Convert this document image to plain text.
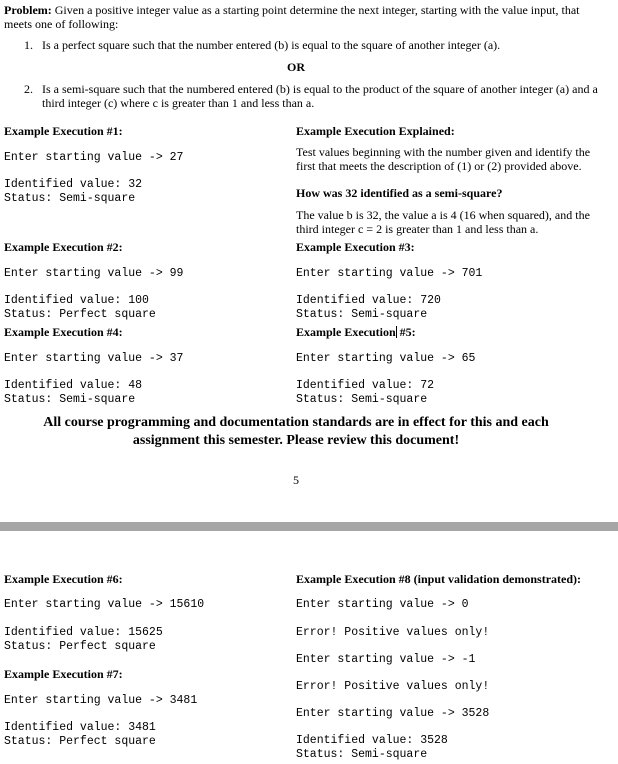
Problem: Given a positive integer value as a starting point determine the next integer, starting with the value input, that meets one of following:
1. Is a perfect square such that the number entered (b) is equal to the square of another integer (a).
OR
2. Is a semi-square such that the numbered entered (b) is equal to the product of the square of another integer (a) and a third integer (c) where c is greater than 1 and less than a.
Example Execution #1:
Enter starting value -> 27
Identified value: 32
Status: Semi-square
Example Execution Explained:
Test values beginning with the number given and identify the first that meets the description of (1) or (2) provided above.
How was 32 identified as a semi-square?
The value b is 32, the value a is 4 (16 when squared), and the third integer c = 2 is greater than 1 and less than a.
Example Execution #2:
Enter starting value -> 99
Identified value: 100
Status: Perfect square
Example Execution #3:
Enter starting value -> 701
Identified value: 720
Status: Semi-square
Example Execution #4:
Enter starting value -> 37
Identified value: 48
Status: Semi-square
Example Execution #5:
Enter starting value -> 65
Identified value: 72
Status: Semi-square
All course programming and documentation standards are in effect for this and each assignment this semester. Please review this document!
5
Example Execution #6:
Enter starting value -> 15610
Identified value: 15625
Status: Perfect square
Example Execution #7:
Enter starting value -> 3481
Identified value: 3481
Status: Perfect square
Example Execution #8 (input validation demonstrated):
Enter starting value -> 0
Error! Positive values only!
Enter starting value -> -1
Error! Positive values only!
Enter starting value -> 3528
Identified value: 3528
Status: Semi-square
